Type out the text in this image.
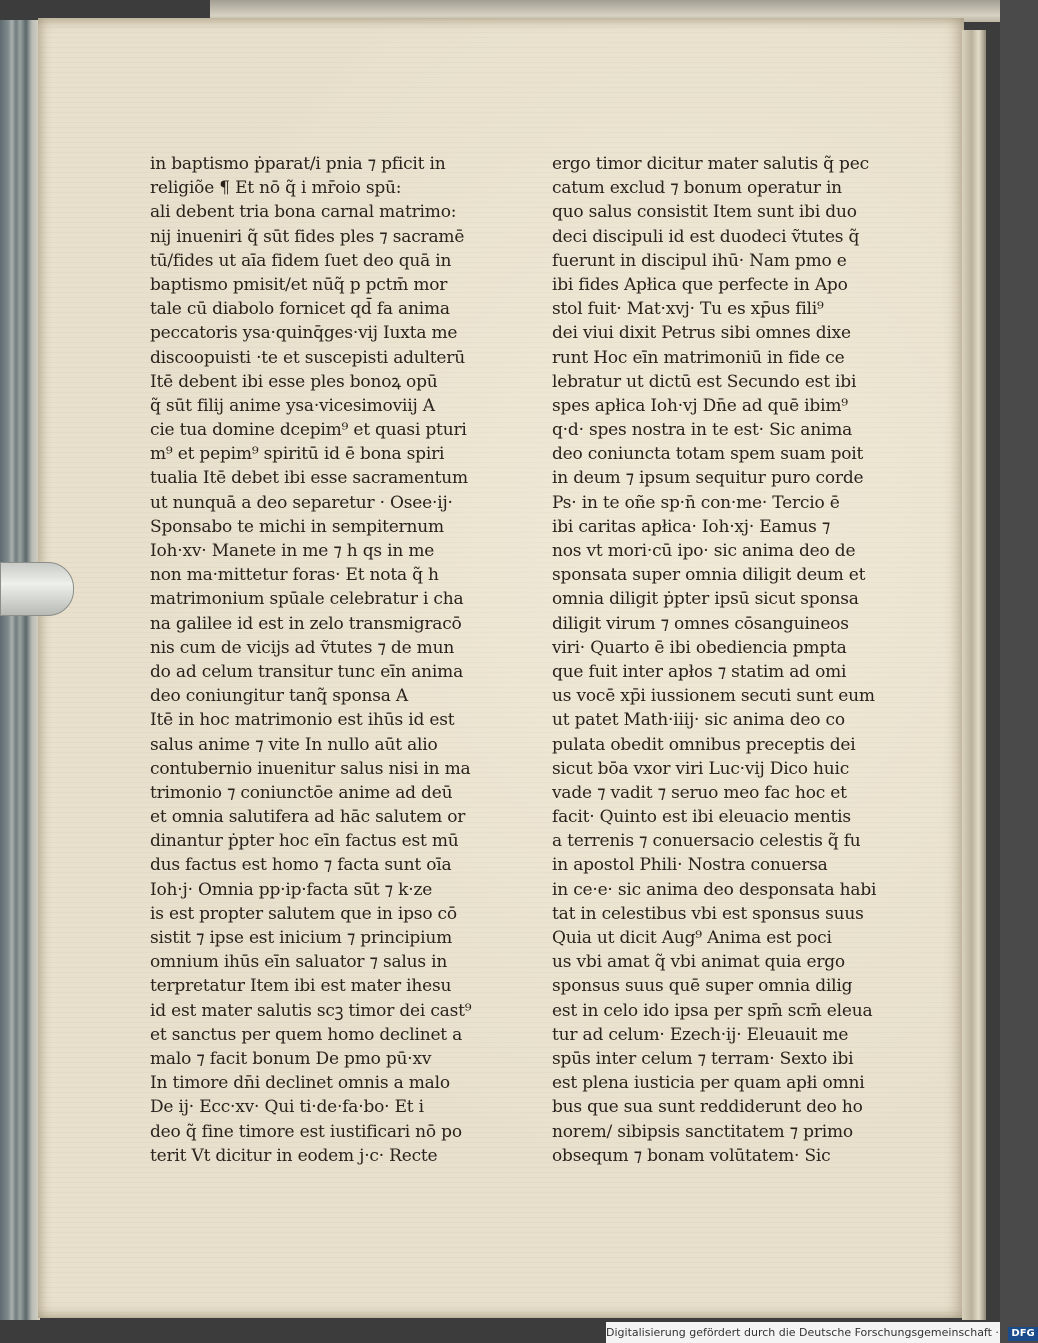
in baptismo ṗparat/i pnia ⁊ pficit in
religiõe ¶ Et nō q̃ i mr̄oio spū:
ali debent tria bona carnal matrimo:
nij inueniri q̃ sūt fides ples ⁊ sacramē
tū/fides ut aīa fidem ſuet deo quā in
baptismo pmisit/et nūq̃ p pctm̄ mor
tale cū diabolo fornicet qd̄ fa anima
peccatoris ysa·quinq̄ges·vij Iuxta me
discoopuisti ·te et suscepisti adulterū
Itē debent ibi esse ples bonoꝝ opū
q̃ sūt filij anime ysa·vicesimoviij A
cie tua domine dcepim⁹ et quasi pturi
m⁹ et pepim⁹ spiritū id ē bona spiri
tualia Itē debet ibi esse sacramentum
ut nunquā a deo separetur · Osee·ij·
Sponsabo te michi in sempiternum
Ioh·xv· Manete in me ⁊ h qs in me
non ma·mittetur foras· Et nota q̃ h
matrimonium spūale celebratur i cha
na galilee id est in zelo transmigracō
nis cum de vicijs ad ṽtutes ⁊ de mun
do ad celum transitur tunc eīn anima
deo coniungitur tanq̃ sponsa A
Itē in hoc matrimonio est ihūs id est
salus anime ⁊ vite In nullo aūt alio
contubernio inuenitur salus nisi in ma
trimonio ⁊ coniunctōe anime ad deū
et omnia salutifera ad hāc salutem or
dinantur ṗpter hoc eīn factus est mū
dus factus est homo ⁊ facta sunt oīa
Ioh·j· Omnia pp·ip·facta sūt ⁊ k·ze
is est propter salutem que in ipso cō
sistit ⁊ ipse est inicium ⁊ principium
omnium ihūs eīn saluator ⁊ salus in
terpretatur Item ibi est mater ihesu
id est mater salutis scꝫ timor dei cast⁹
et sanctus per quem homo declinet a
malo ⁊ facit bonum De pmo pū·xv
In timore dn̄i declinet omnis a malo
De ij· Ecc·xv· Qui ti·de·fa·bo· Et i
deo q̃ fine timore est iustificari nō po
terit Vt dicitur in eodem j·c· Recte
ergo timor dicitur mater salutis q̃ pec
catum exclud ⁊ bonum operatur in
quo salus consistit Item sunt ibi duo
deci discipuli id est duodeci ṽtutes q̃
fuerunt in discipul ihū· Nam pmo e
ibi fides Apłica que perfecte in Apo
stol fuit· Mat·xvj· Tu es xp̄us fili⁹
dei viui dixit Petrus sibi omnes dixe
runt Hoc eīn matrimoniū in fide ce
lebratur ut dictū est Secundo est ibi
spes apłica Ioh·vj Dn̄e ad quē ibim⁹
q·d· spes nostra in te est· Sic anima
deo coniuncta totam spem suam poit
in deum ⁊ ipsum sequitur puro corde
Ps· in te oñe sp·n̄ con·me· Tercio ē
ibi caritas apłica· Ioh·xj· Eamus ⁊
nos vt mori·cū ipo· sic anima deo de
sponsata super omnia diligit deum et
omnia diligit ṗpter ipsū sicut sponsa
diligit virum ⁊ omnes cōsanguineos
viri· Quarto ē ibi obediencia pmpta
que fuit inter apłos ⁊ statim ad omi
us vocē xp̄i iussionem secuti sunt eum
ut patet Math·iiij· sic anima deo co
pulata obedit omnibus preceptis dei
sicut bōa vxor viri Luc·vij Dico huic
vade ⁊ vadit ⁊ seruo meo fac hoc et
facit· Quinto est ibi eleuacio mentis
a terrenis ⁊ conuersacio celestis q̃ fu
in apostol Phili· Nostra conuersa
in ce·e· sic anima deo desponsata habi
tat in celestibus vbi est sponsus suus
Quia ut dicit Aug⁹ Anima est poci
us vbi amat q̃ vbi animat quia ergo
sponsus suus quē super omnia dilig
est in celo ido ipsa per spm̄ scm̄ eleua
tur ad celum· Ezech·ij· Eleuauit me
spūs inter celum ⁊ terram· Sexto ibi
est plena iusticia per quam apłi omni
bus que sua sunt reddiderunt deo ho
norem/ sibipsis sanctitatem ⁊ primo
obsequm ⁊ bonam volūtatem· Sic
Digitalisierung gefördert durch die Deutsche Forschungsgemeinschaft · DFG
